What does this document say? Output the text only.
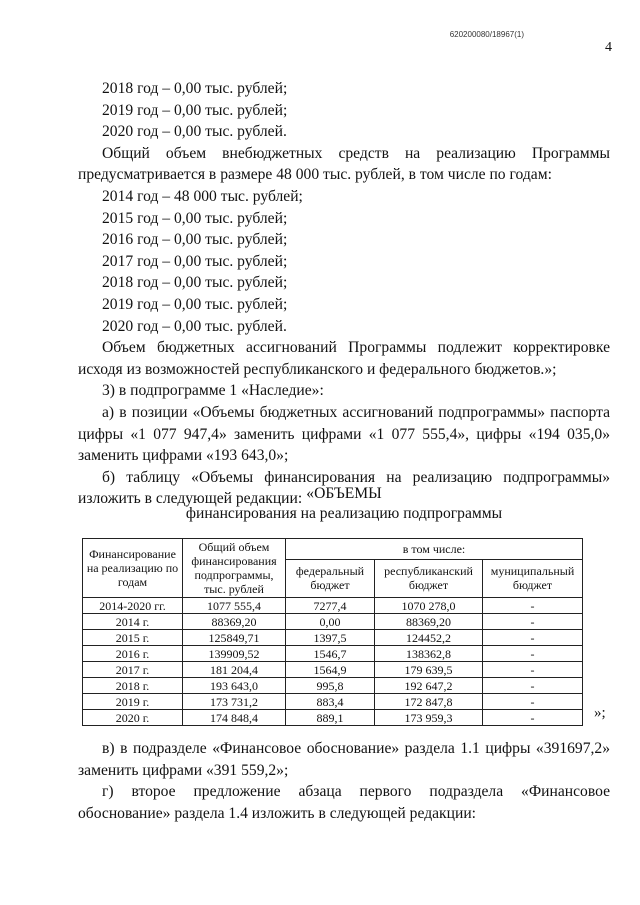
620200080/18967(1)
4

2018 год – 0,00 тыс. рублей;

2019 год – 0,00 тыс. рублей;

2020 год – 0,00 тыс. рублей.

Общий объем внебюджетных средств на реализацию Программы предусматривается в размере 48 000 тыс. рублей, в том числе по годам:

2014 год – 48 000 тыс. рублей;

2015 год – 0,00 тыс. рублей;

2016 год – 0,00 тыс. рублей;

2017 год – 0,00 тыс. рублей;

2018 год – 0,00 тыс. рублей;

2019 год – 0,00 тыс. рублей;

2020 год – 0,00 тыс. рублей.

Объем бюджетных ассигнований Программы подлежит корректировке исходя из возможностей республиканского и федерального бюджетов.»;

3) в подпрограмме 1 «Наследие»:

а) в позиции «Объемы бюджетных ассигнований подпрограммы» паспорта цифры «1 077 947,4» заменить цифрами «1 077 555,4», цифры «194 035,0» заменить цифрами «193 643,0»;

б) таблицу «Объемы финансирования на реализацию подпрограммы» изложить в следующей редакции: «ОБЪЕМЫ
финансирования на реализацию подпрограммы
Финансирование на реализацию по годам	Общий объем финансирования подпрограммы, тыс. рублей	в том числе:		
		федеральный бюджет	республиканский бюджет	муниципальный бюджет
2014-2020 гг.	1077 555,4	7277,4	1070 278,0	-
2014 г.	88369,20	0,00	88369,20	-
2015 г.	125849,71	1397,5	124452,2	-
2016 г.	139909,52	1546,7	138362,8	-
2017 г.	181 204,4	1564,9	179 639,5	-
2018 г.	193 643,0	995,8	192 647,2	-
2019 г.	173 731,2	883,4	172 847,8	-
2020 г.	174 848,4	889,1	173 959,3	-	»;

в) в подразделе «Финансовое обоснование» раздела 1.1 цифры «391697,2» заменить цифрами «391 559,2»;

г) второе предложение абзаца первого подраздела «Финансовое обоснование» раздела 1.4 изложить в следующей редакции:
